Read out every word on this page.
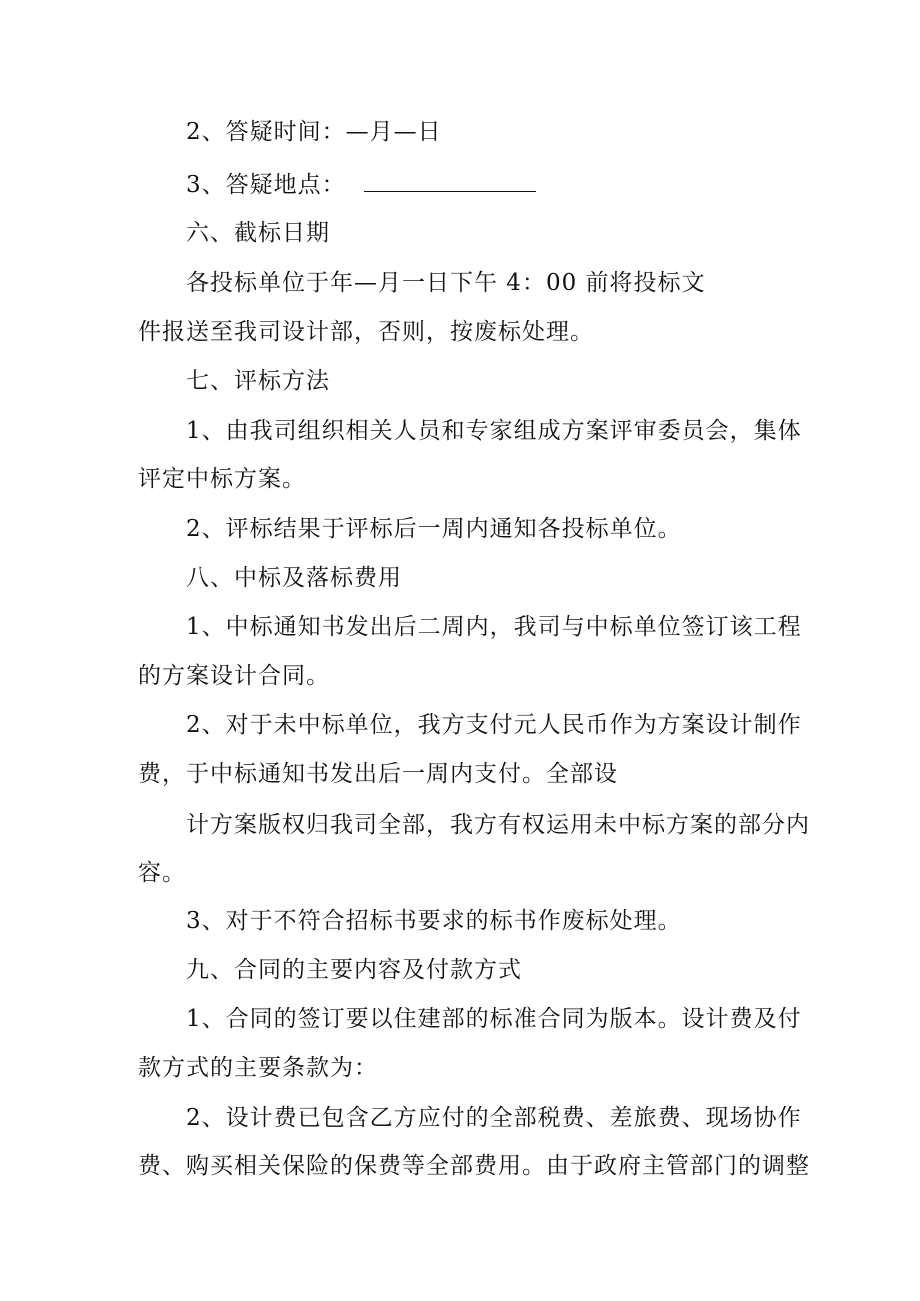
2、答疑时间：—月—日
3、答疑地点：
六、截标日期
各投标单位于年—月一日下午 4：00 前将投标文
件报送至我司设计部，否则，按废标处理。
七、评标方法
1、由我司组织相关人员和专家组成方案评审委员会，集体
评定中标方案。
2、评标结果于评标后一周内通知各投标单位。
八、中标及落标费用
1、中标通知书发出后二周内，我司与中标单位签订该工程
的方案设计合同。
2、对于未中标单位，我方支付元人民币作为方案设计制作
费，于中标通知书发出后一周内支付。全部设
计方案版权归我司全部，我方有权运用未中标方案的部分内
容。
3、对于不符合招标书要求的标书作废标处理。
九、合同的主要内容及付款方式
1、合同的签订要以住建部的标准合同为版本。设计费及付
款方式的主要条款为：
2、设计费已包含乙方应付的全部税费、差旅费、现场协作
费、购买相关保险的保费等全部费用。由于政府主管部门的调整
